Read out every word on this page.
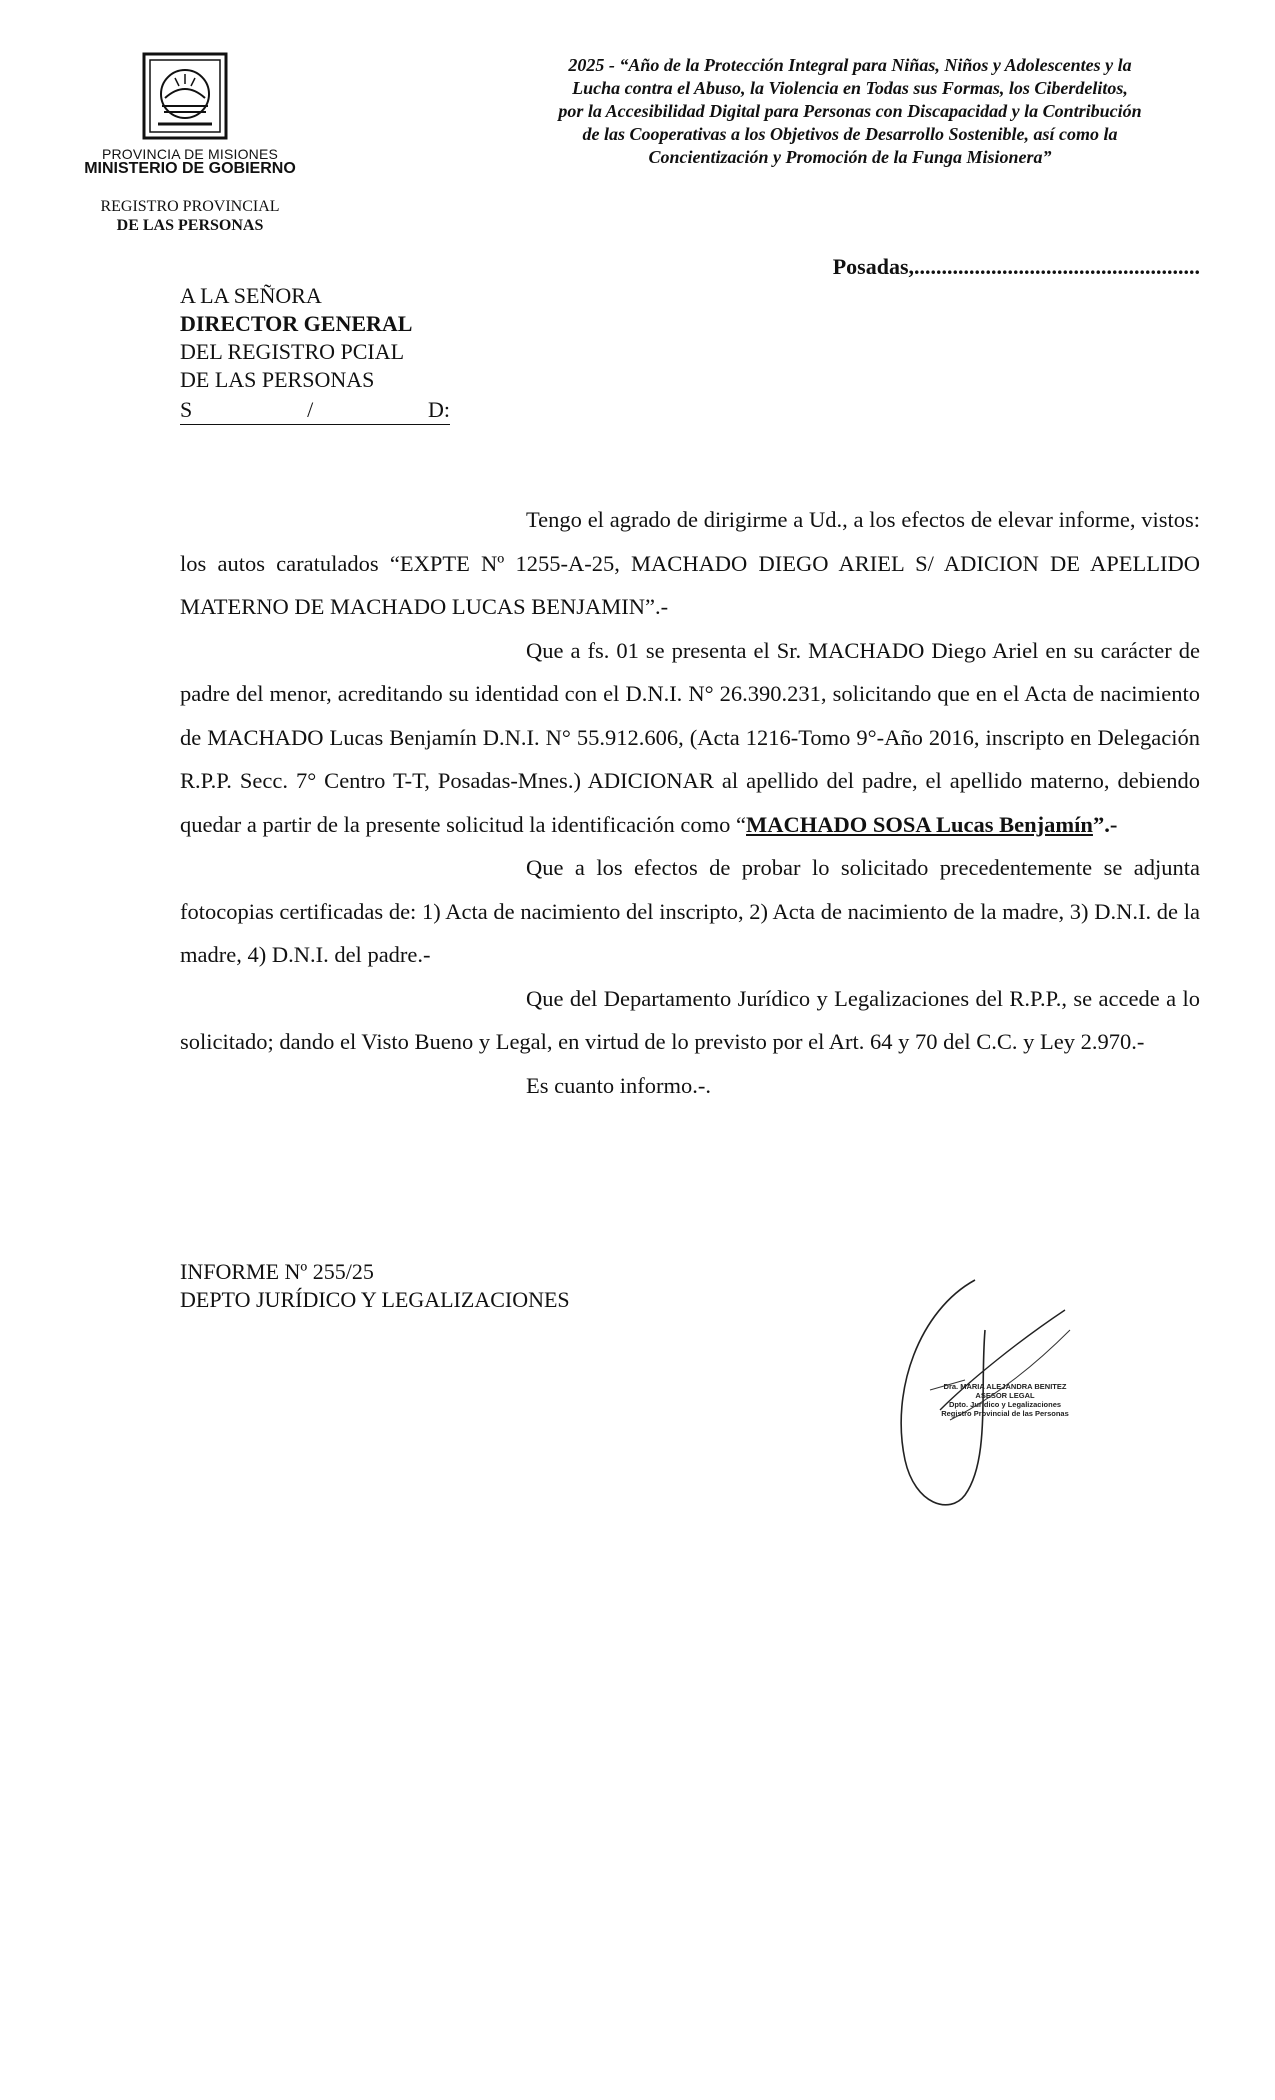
PROVINCIA DE MISIONES
MINISTERIO DE GOBIERNO
REGISTRO PROVINCIAL
DE LAS PERSONAS
2025 - “Año de la Protección Integral para Niñas, Niños y Adolescentes y la
Lucha contra el Abuso, la Violencia en Todas sus Formas, los Ciberdelitos,
por la Accesibilidad Digital para Personas con Discapacidad y la Contribución
de las Cooperativas a los Objetivos de Desarrollo Sostenible, así como la
Concientización y Promoción de la Funga Misionera”
Posadas,....................................................
A LA SEÑORA
DIRECTOR GENERAL
DEL REGISTRO PCIAL
DE LAS PERSONAS
S	/	D:

Tengo el agrado de dirigirme a Ud., a los efectos de elevar informe, vistos: los autos caratulados “EXPTE Nº 1255-A-25, MACHADO DIEGO ARIEL S/ ADICION DE APELLIDO MATERNO DE MACHADO LUCAS BENJAMIN”.-

Que a fs. 01 se presenta el Sr. MACHADO Diego Ariel en su carácter de padre del menor, acreditando su identidad con el D.N.I. N° 26.390.231, solicitando que en el Acta de nacimiento de MACHADO Lucas Benjamín D.N.I. N° 55.912.606, (Acta 1216-Tomo 9°-Año 2016, inscripto en Delegación R.P.P. Secc. 7° Centro T-T, Posadas-Mnes.) ADICIONAR al apellido del padre, el apellido materno, debiendo quedar a partir de la presente solicitud la identificación como “MACHADO SOSA Lucas Benjamín”.-

Que a los efectos de probar lo solicitado precedentemente se adjunta fotocopias certificadas de: 1) Acta de nacimiento del inscripto, 2) Acta de nacimiento de la madre, 3) D.N.I. de la madre, 4) D.N.I. del padre.-

Que del Departamento Jurídico y Legalizaciones del R.P.P., se accede a lo solicitado; dando el Visto Bueno y Legal, en virtud de lo previsto por el Art. 64 y 70 del C.C. y Ley 2.970.-

Es cuanto informo.-.

INFORME Nº 255/25
DEPTO JURÍDICO Y LEGALIZACIONES
Dra. MARIA ALEJANDRA BENITEZ
ASESOR LEGAL
Dpto. Jurídico y Legalizaciones
Registro Provincial de las Personas
